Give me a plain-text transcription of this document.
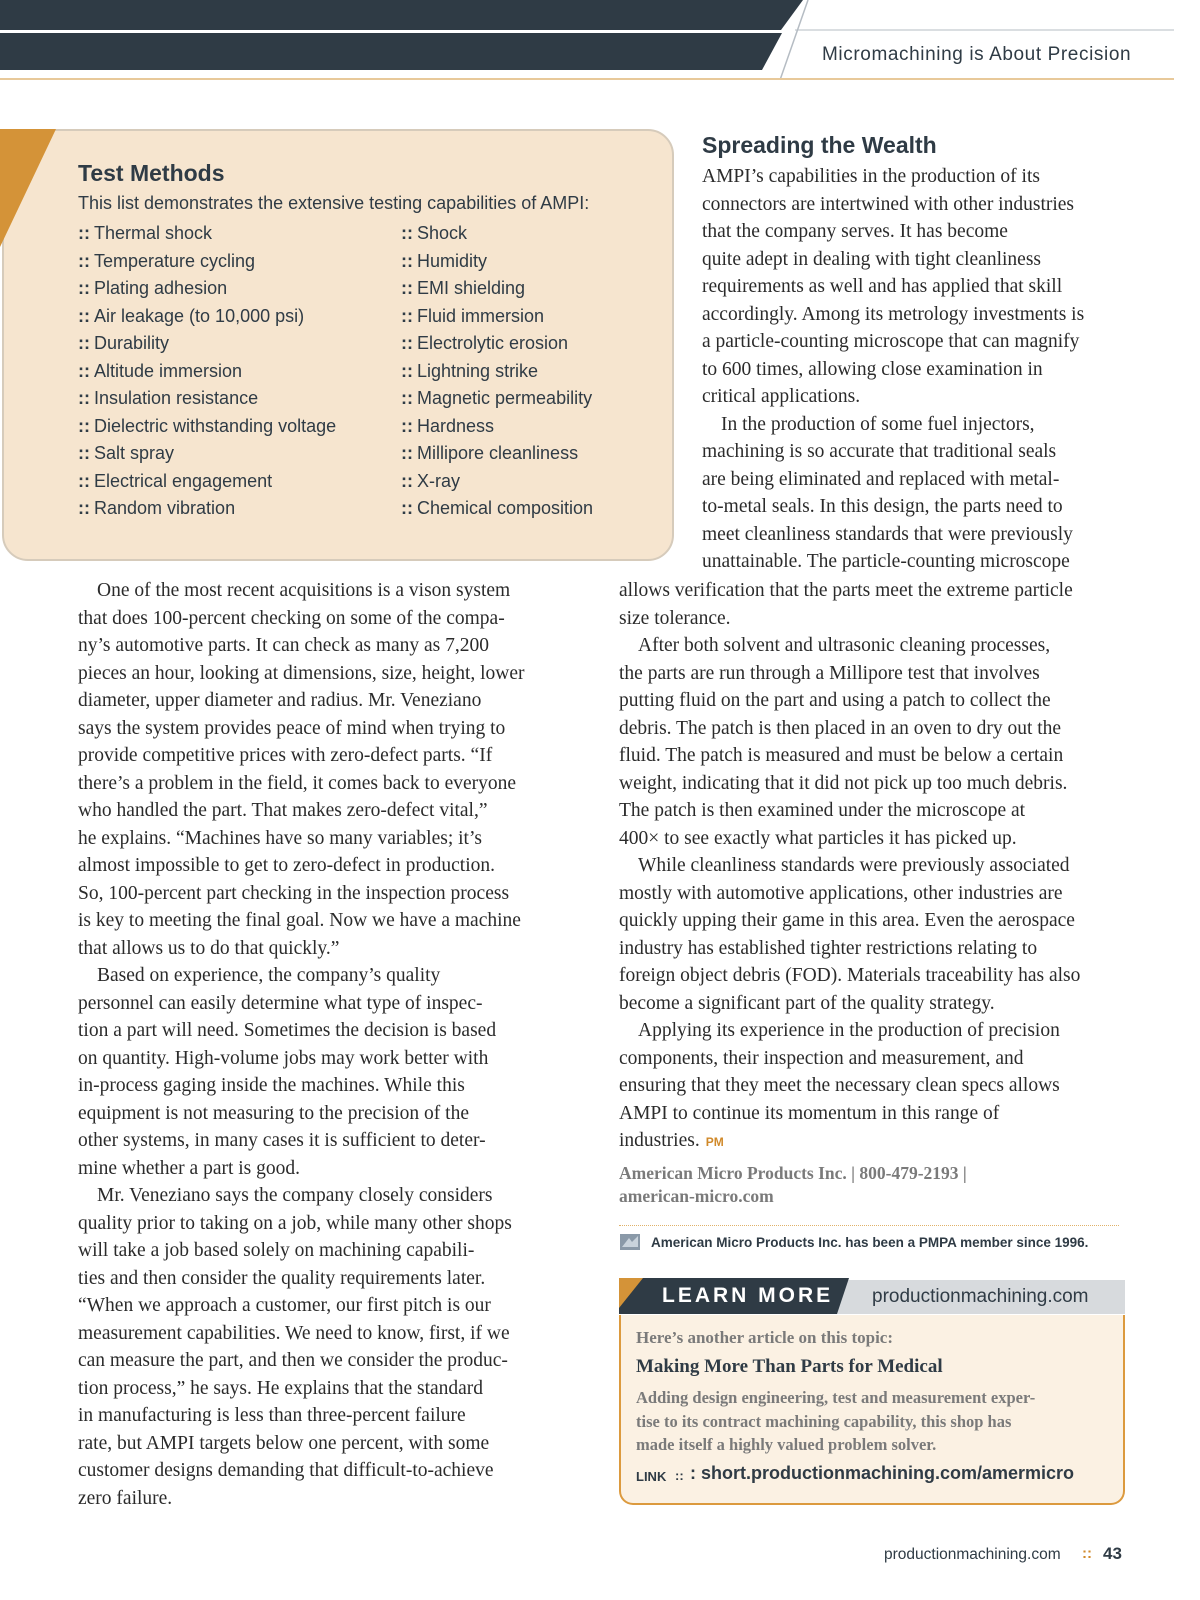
Micromachining is About Precision
Test Methods
This list demonstrates the extensive testing capabilities of AMPI:
:: Thermal shock
:: Temperature cycling
:: Plating adhesion
:: Air leakage (to 10,000 psi)
:: Durability
:: Altitude immersion
:: Insulation resistance
:: Dielectric withstanding voltage
:: Salt spray
:: Electrical engagement
:: Random vibration
:: Shock
:: Humidity
:: EMI shielding
:: Fluid immersion
:: Electrolytic erosion
:: Lightning strike
:: Magnetic permeability
:: Hardness
:: Millipore cleanliness
:: X-ray
:: Chemical composition
Spreading the Wealth

AMPI’s capabilities in the production of its

connectors are intertwined with other industries

that the company serves. It has become

quite adept in dealing with tight cleanliness

requirements as well and has applied that skill

accordingly. Among its metrology investments is

a particle-counting microscope that can magnify

to 600 times, allowing close examination in

critical applications.

In the production of some fuel injectors,

machining is so accurate that traditional seals

are being eliminated and replaced with metal-

to-metal seals. In this design, the parts need to

meet cleanliness standards that were previously

unattainable. The particle-counting microscope

One of the most recent acquisitions is a vison system

that does 100-percent checking on some of the compa-

ny’s automotive parts. It can check as many as 7,200

pieces an hour, looking at dimensions, size, height, lower

diameter, upper diameter and radius. Mr. Veneziano

says the system provides peace of mind when trying to

provide competitive prices with zero-defect parts. “If

there’s a problem in the field, it comes back to everyone

who handled the part. That makes zero-defect vital,”

he explains. “Machines have so many variables; it’s

almost impossible to get to zero-defect in production.

So, 100-percent part checking in the inspection process

is key to meeting the final goal. Now we have a machine

that allows us to do that quickly.”

Based on experience, the company’s quality

personnel can easily determine what type of inspec-

tion a part will need. Sometimes the decision is based

on quantity. High-volume jobs may work better with

in-process gaging inside the machines. While this

equipment is not measuring to the precision of the

other systems, in many cases it is sufficient to deter-

mine whether a part is good.

Mr. Veneziano says the company closely considers

quality prior to taking on a job, while many other shops

will take a job based solely on machining capabili-

ties and then consider the quality requirements later.

“When we approach a customer, our first pitch is our

measurement capabilities. We need to know, first, if we

can measure the part, and then we consider the produc-

tion process,” he says. He explains that the standard

in manufacturing is less than three-percent failure

rate, but AMPI targets below one percent, with some

customer designs demanding that difficult-to-achieve

zero failure.

allows verification that the parts meet the extreme particle

size tolerance.

After both solvent and ultrasonic cleaning processes,

the parts are run through a Millipore test that involves

putting fluid on the part and using a patch to collect the

debris. The patch is then placed in an oven to dry out the

fluid. The patch is measured and must be below a certain

weight, indicating that it did not pick up too much debris.

The patch is then examined under the microscope at

400× to see exactly what particles it has picked up.

While cleanliness standards were previously associated

mostly with automotive applications, other industries are

quickly upping their game in this area. Even the aerospace

industry has established tighter restrictions relating to

foreign object debris (FOD). Materials traceability has also

become a significant part of the quality strategy.

Applying its experience in the production of precision

components, their inspection and measurement, and

ensuring that they meet the necessary clean specs allows

AMPI to continue its momentum in this range of

industries. PM

American Micro Products Inc. | 800-479-2193 |
american-micro.com
American Micro Products Inc. has been a PMPA member since 1996.
LEARN MORE productionmachining.com
Here’s another article on this topic:
Making More Than Parts for Medical
Adding design engineering, test and measurement exper-
tise to its contract machining capability, this shop has
made itself a highly valued problem solver.
LINK :: : short.productionmachining.com/amermicro
productionmachining.com :: 43
